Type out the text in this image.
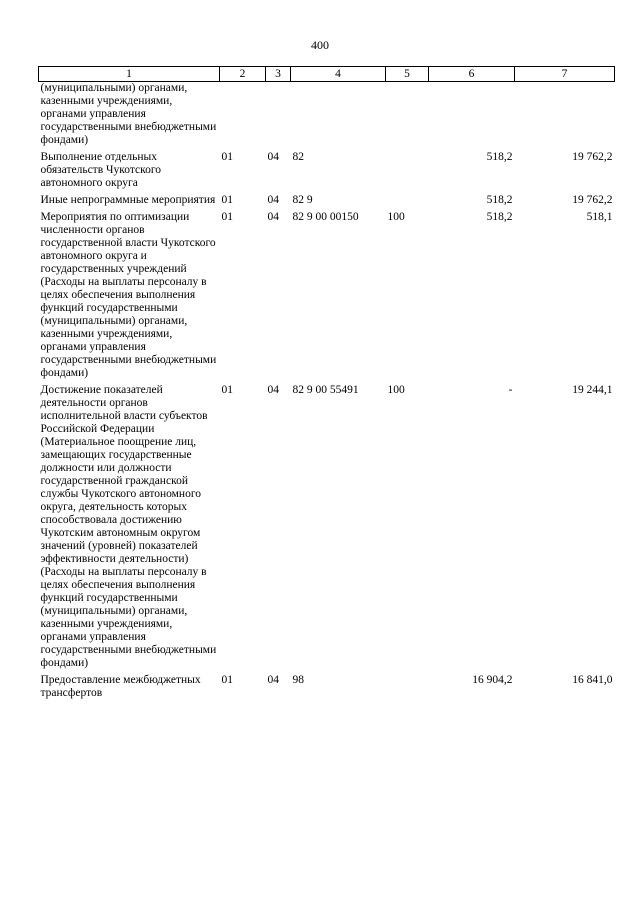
400
1	2	3	4	5	6	7
(муниципальными) органами, казенными учреждениями, органами управления государственными внебюджетными фондами)						

Выполнение отдельных обязательств Чукотского автономного округа	01	04	82		518,2	19 762,2

Иные непрограммные мероприятия	01	04	82 9		518,2	19 762,2

Мероприятия по оптимизации численности органов государственной власти Чукотского автономного округа и государственных учреждений (Расходы на выплаты персоналу в целях обеспечения выполнения функций государственными (муниципальными) органами, казенными учреждениями, органами управления государственными внебюджетными фондами)	01	04	82 9 00 00150	100	518,2	518,1

Достижение показателей деятельности органов исполнительной власти субъектов Российской Федерации (Материальное поощрение лиц, замещающих государственные должности или должности государственной гражданской службы Чукотского автономного округа, деятельность которых способствовала достижению Чукотским автономным округом значений (уровней) показателей эффективности деятельности) (Расходы на выплаты персоналу в целях обеспечения выполнения функций государственными (муниципальными) органами, казенными учреждениями, органами управления государственными внебюджетными фондами)	01	04	82 9 00 55491	100	-	19 244,1

Предоставление межбюджетных трансфертов	01	04	98		16 904,2	16 841,0
